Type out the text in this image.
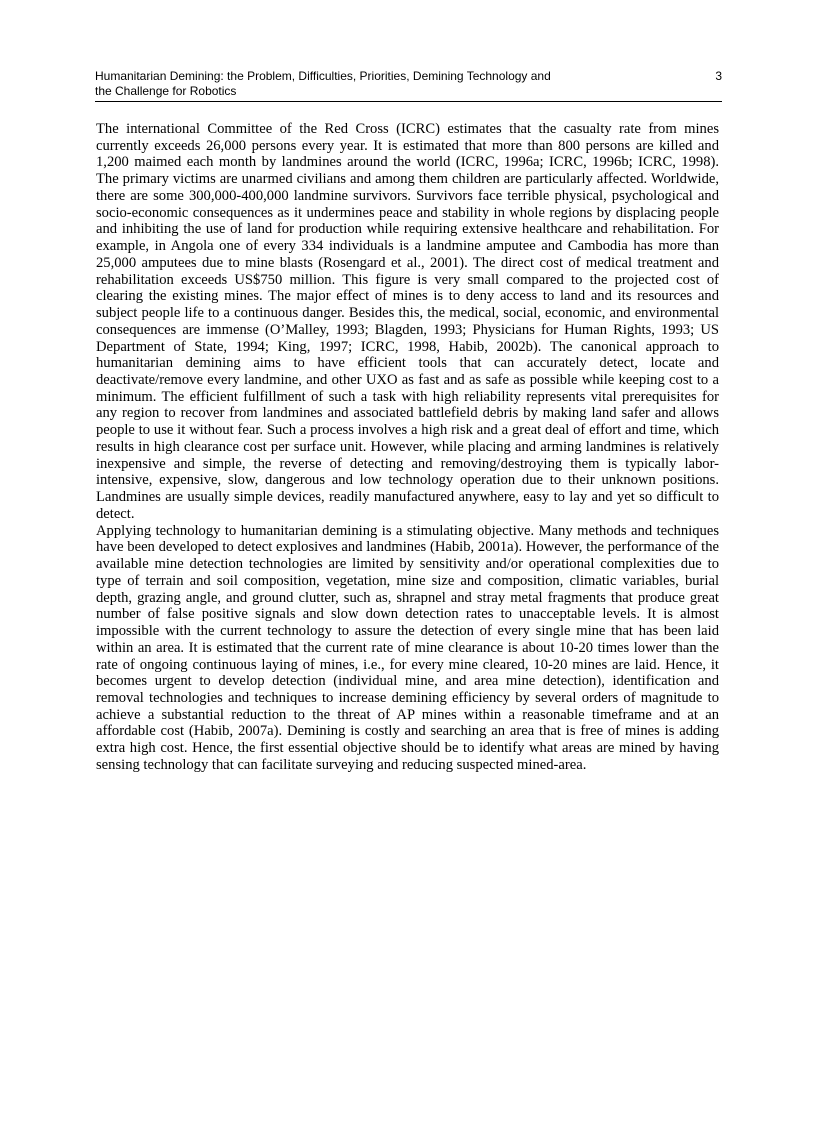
Humanitarian Demining: the Problem, Difficulties, Priorities, Demining Technology and
the Challenge for Robotics
3

The international Committee of the Red Cross (ICRC) estimates that the casualty rate from mines currently exceeds 26,000 persons every year. It is estimated that more than 800 persons are killed and 1,200 maimed each month by landmines around the world (ICRC, 1996a; ICRC, 1996b; ICRC, 1998). The primary victims are unarmed civilians and among them children are particularly affected. Worldwide, there are some 300,000-400,000 landmine survivors. Survivors face terrible physical, psychological and socio-economic consequences as it undermines peace and stability in whole regions by displacing people and inhibiting the use of land for production while requiring extensive healthcare and rehabilitation. For example, in Angola one of every 334 individuals is a landmine amputee and Cambodia has more than 25,000 amputees due to mine blasts (Rosengard et al., 2001). The direct cost of medical treatment and rehabilitation exceeds US$750 million. This figure is very small compared to the projected cost of clearing the existing mines. The major effect of mines is to deny access to land and its resources and subject people life to a continuous danger. Besides this, the medical, social, economic, and environmental consequences are immense (O’Malley, 1993; Blagden, 1993; Physicians for Human Rights, 1993; US Department of State, 1994; King, 1997; ICRC, 1998, Habib, 2002b). The canonical approach to humanitarian demining aims to have efficient tools that can accurately detect, locate and deactivate/remove every landmine, and other UXO as fast and as safe as possible while keeping cost to a minimum. The efficient fulfillment of such a task with high reliability represents vital prerequisites for any region to recover from landmines and associated battlefield debris by making land safer and allows people to use it without fear. Such a process involves a high risk and a great deal of effort and time, which results in high clearance cost per surface unit. However, while placing and arming landmines is relatively inexpensive and simple, the reverse of detecting and removing/destroying them is typically labor-intensive, expensive, slow, dangerous and low technology operation due to their unknown positions. Landmines are usually simple devices, readily manufactured anywhere, easy to lay and yet so difficult to detect.

Applying technology to humanitarian demining is a stimulating objective. Many methods and techniques have been developed to detect explosives and landmines (Habib, 2001a). However, the performance of the available mine detection technologies are limited by sensitivity and/or operational complexities due to type of terrain and soil composition, vegetation, mine size and composition, climatic variables, burial depth, grazing angle, and ground clutter, such as, shrapnel and stray metal fragments that produce great number of false positive signals and slow down detection rates to unacceptable levels. It is almost impossible with the current technology to assure the detection of every single mine that has been laid within an area. It is estimated that the current rate of mine clearance is about 10-20 times lower than the rate of ongoing continuous laying of mines, i.e., for every mine cleared, 10-20 mines are laid. Hence, it becomes urgent to develop detection (individual mine, and area mine detection), identification and removal technologies and techniques to increase demining efficiency by several orders of magnitude to achieve a substantial reduction to the threat of AP mines within a reasonable timeframe and at an affordable cost (Habib, 2007a). Demining is costly and searching an area that is free of mines is adding extra high cost. Hence, the first essential objective should be to identify what areas are mined by having sensing technology that can facilitate surveying and reducing suspected mined-area.
